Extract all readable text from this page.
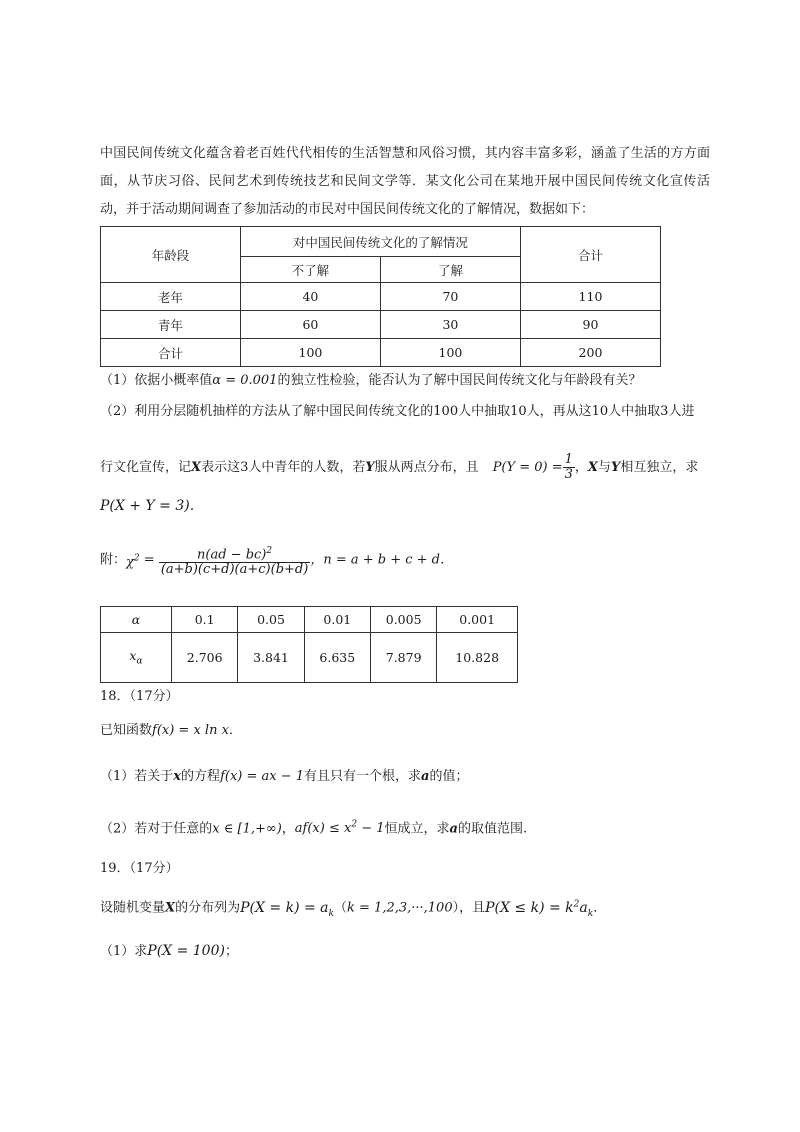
中国民间传统文化蕴含着老百姓代代相传的生活智慧和风俗习惯，其内容丰富多彩，涵盖了生活的方方面面，从节庆习俗、民间艺术到传统技艺和民间文学等．某文化公司在某地开展中国民间传统文化宣传活动，并于活动期间调查了参加活动的市民对中国民间传统文化的了解情况，数据如下：
年龄段	对中国民间传统文化的了解情况		合计
	不了解	了解	
老年	40	70	110
青年	60	30	90
合计	100	100	200
（1）依据小概率值α = 0.001的独立性检验，能否认为了解中国民间传统文化与年龄段有关？
（2）利用分层随机抽样的方法从了解中国民间传统文化的100人中抽取10人，再从这10人中抽取3人进
行文化宣传，记X表示这3人中青年的人数，若Y服从两点分布，且 $P(Y = 0) = \frac{1}{3}$ ，X与Y相互独立，求
P(X + Y = 3).
附：$\chi^2 = \frac{n(ad - bc)^2}{(a+b)(c+d)(a+c)(b+d)}$ ，n = a + b + c + d．
α	0.1	0.05	0.01	0.005	0.001
$x_\alpha$	2.706	3.841	6.635	7.879	10.828
18．（17分）
已知函数f(x) = x ln x．
（1）若关于x的方程f(x) = ax − 1有且只有一个根，求a的值；
（2）若对于任意的x ∈ [1,+∞)，$af(x) \le x^2 - 1$恒成立，求a的取值范围.
19．（17分）
设随机变量X的分布列为$P(X = k) = a_k(k = 1,2,3,\cdot\cdot\cdot,100)$，且$P(X \le k) = k^2a_k$．
（1）求P(X = 100)；
